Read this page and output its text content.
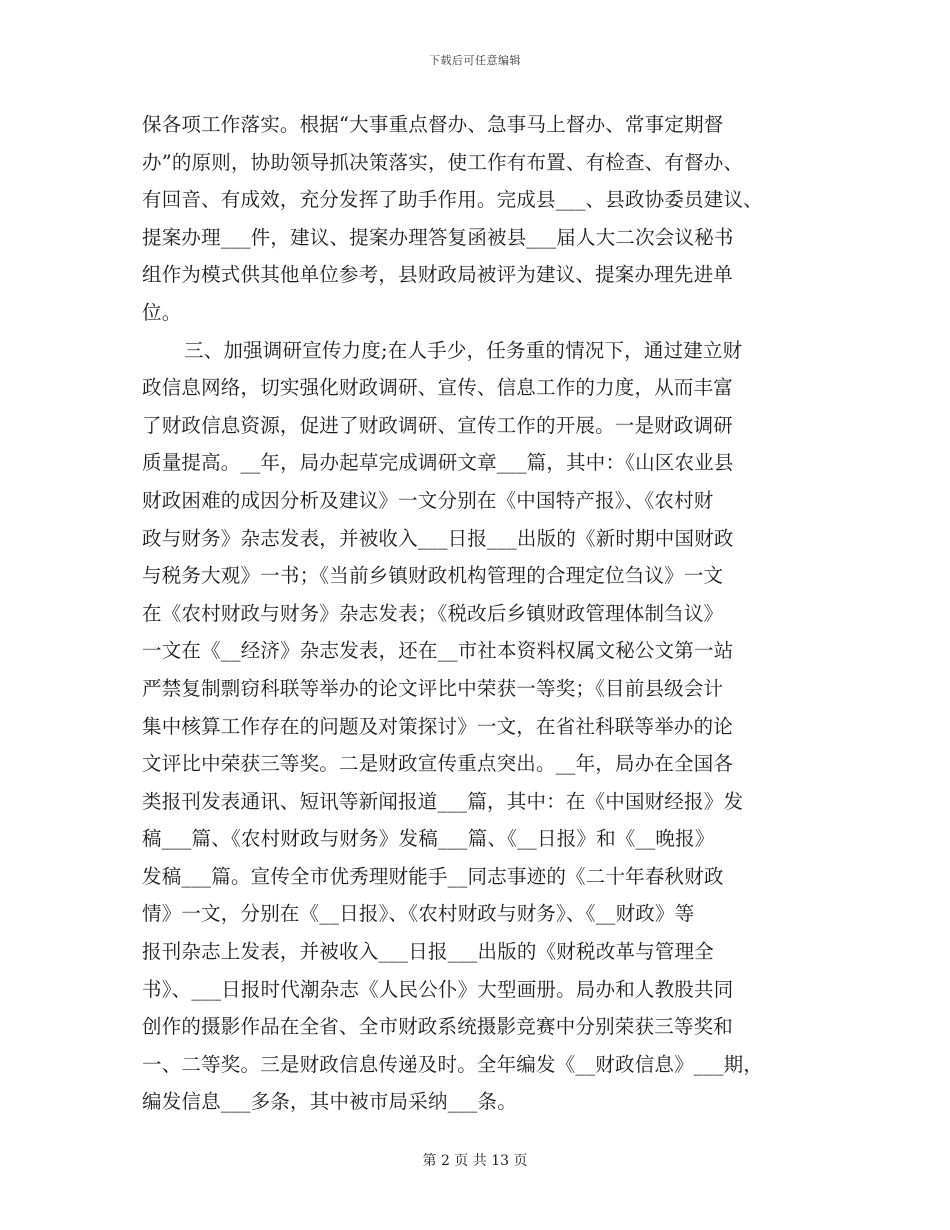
下载后可任意编辑
保各项工作落实。根据“大事重点督办、急事马上督办、常事定期督
办”的原则，协助领导抓决策落实，使工作有布置、有检查、有督办、
有回音、有成效，充分发挥了助手作用。完成县___、县政协委员建议、
提案办理___件，建议、提案办理答复函被县___届人大二次会议秘书
组作为模式供其他单位参考，县财政局被评为建议、提案办理先进单
位。
三、加强调研宣传力度;在人手少，任务重的情况下，通过建立财
政信息网络，切实强化财政调研、宣传、信息工作的力度，从而丰富
了财政信息资源，促进了财政调研、宣传工作的开展。一是财政调研
质量提高。__年，局办起草完成调研文章___篇，其中：《山区农业县
财政困难的成因分析及建议》一文分别在《中国特产报》、《农村财
政与财务》杂志发表，并被收入___日报___出版的《新时期中国财政
与税务大观》一书；《当前乡镇财政机构管理的合理定位刍议》一文
在《农村财政与财务》杂志发表；《税改后乡镇财政管理体制刍议》
一文在《__经济》杂志发表，还在__市社本资料权属文秘公文第一站
严禁复制剽窃科联等举办的论文评比中荣获一等奖；《目前县级会计
集中核算工作存在的问题及对策探讨》一文，在省社科联等举办的论
文评比中荣获三等奖。二是财政宣传重点突出。__年，局办在全国各
类报刊发表通讯、短讯等新闻报道___篇，其中：在《中国财经报》发
稿___篇、《农村财政与财务》发稿___篇、《__日报》和《__晚报》
发稿___篇。宣传全市优秀理财能手__同志事迹的《二十年春秋财政
情》一文，分别在《__日报》、《农村财政与财务》、《__财政》等
报刊杂志上发表，并被收入___日报___出版的《财税改革与管理全
书》、___日报时代潮杂志《人民公仆》大型画册。局办和人教股共同
创作的摄影作品在全省、全市财政系统摄影竞赛中分别荣获三等奖和
一、二等奖。三是财政信息传递及时。全年编发《__财政信息》___期，
编发信息___多条，其中被市局采纳___条。
第 2 页 共 13 页
